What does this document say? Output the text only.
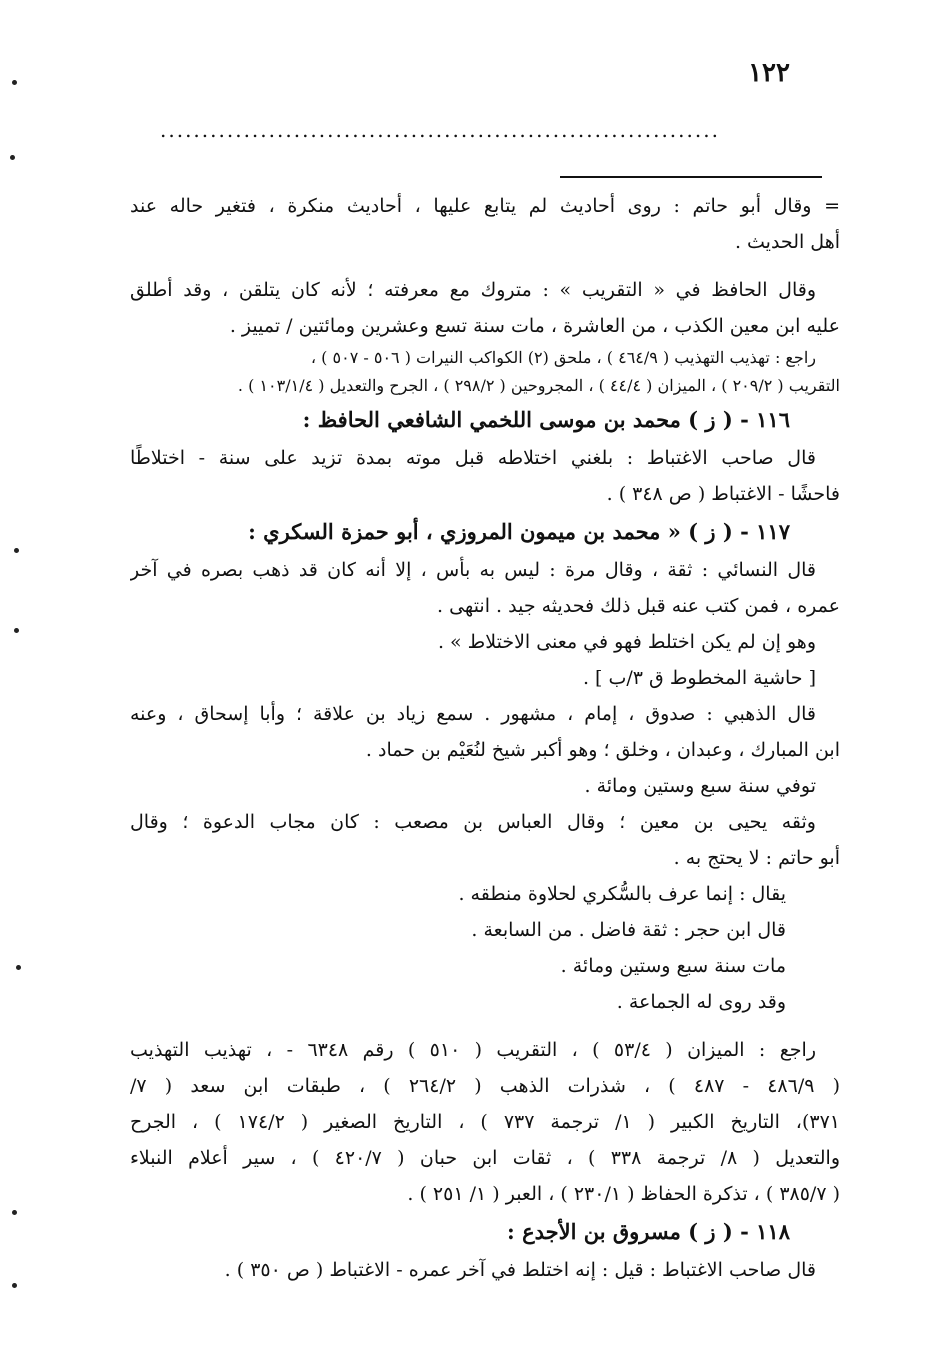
١٢٢
...................................................................
= وقال أبو حاتم : روى أحاديث لم يتابع عليها ، أحاديث منكرة ، فتغير حاله عند
أهل الحديث .
وقال الحافظ في « التقريب » : متروك مع معرفته ؛ لأنه كان يتلقن ، وقد أطلق
عليه ابن معين الكذب ، من العاشرة ، مات سنة تسع وعشرين ومائتين / تمييز .
راجع : تهذيب التهذيب ( ٤٦٤/٩ ) ، ملحق (٢) الكواكب النيرات ( ٥٠٦ - ٥٠٧ ) ،
التقريب ( ٢٠٩/٢ ) ، الميزان ( ٤٤/٤ ) ، المجروحين ( ٢٩٨/٢ ) ، الجرح والتعديل ( ١٠٣/١/٤ ) .
١١٦ - ( ز ) محمد بن موسى اللخمي الشافعي الحافظ :
قال صاحب الاغتباط : بلغني اختلاطه قبل موته بمدة تزيد على سنة - اختلاطًا
فاحشًا - الاغتباط ( ص ٣٤٨ ) .
١١٧ - ( ز ) « محمد بن ميمون المروزي ، أبو حمزة السكري :
قال النسائي : ثقة ، وقال مرة : ليس به بأس ، إلا أنه كان قد ذهب بصره في آخر
عمره ، فمن كتب عنه قبل ذلك فحديثه جيد . انتهى .
وهو إن لم يكن اختلط فهو في معنى الاختلاط » .
[ حاشية المخطوط ق ٣/ب ] .
قال الذهبي : صدوق ، إمام ، مشهور . سمع زياد بن علاقة ؛ وأبا إسحاق ، وعنه
ابن المبارك ، وعبدان ، وخلق ؛ وهو أكبر شيخ لنُعَيْم بن حماد .
توفي سنة سبع وستين ومائة .
وثقه يحيى بن معين ؛ وقال العباس بن مصعب : كان مجاب الدعوة ؛ وقال
أبو حاتم : لا يحتج به .
يقال : إنما عرف بالسُّكري لحلاوة منطقه .
قال ابن حجر : ثقة فاضل . من السابعة .
مات سنة سبع وستين ومائة .
وقد روى له الجماعة .
راجع : الميزان ( ٥٣/٤ ) ، التقريب ( ٥١٠ ) رقم ٦٣٤٨ - ، تهذيب التهذيب
( ٤٨٦/٩ - ٤٨٧ ) ، شذرات الذهب ( ٢٦٤/٢ ) ، طبقات ابن سعد ( ٧/
٣٧١)، التاريخ الكبير ( ١/ ترجمة ٧٣٧ ) ، التاريخ الصغير ( ١٧٤/٢ ) ، الجرح
والتعديل ( ٨/ ترجمة ٣٣٨ ) ، ثقات ابن حبان ( ٤٢٠/٧ ) ، سير أعلام النبلاء
( ٣٨٥/٧ ) ، تذكرة الحفاظ ( ٢٣٠/١ ) ، العبر ( ١/ ٢٥١ ) .
١١٨ - ( ز ) مسروق بن الأجدع :
قال صاحب الاغتباط : قيل : إنه اختلط في آخر عمره - الاغتباط ( ص ٣٥٠ ) .
